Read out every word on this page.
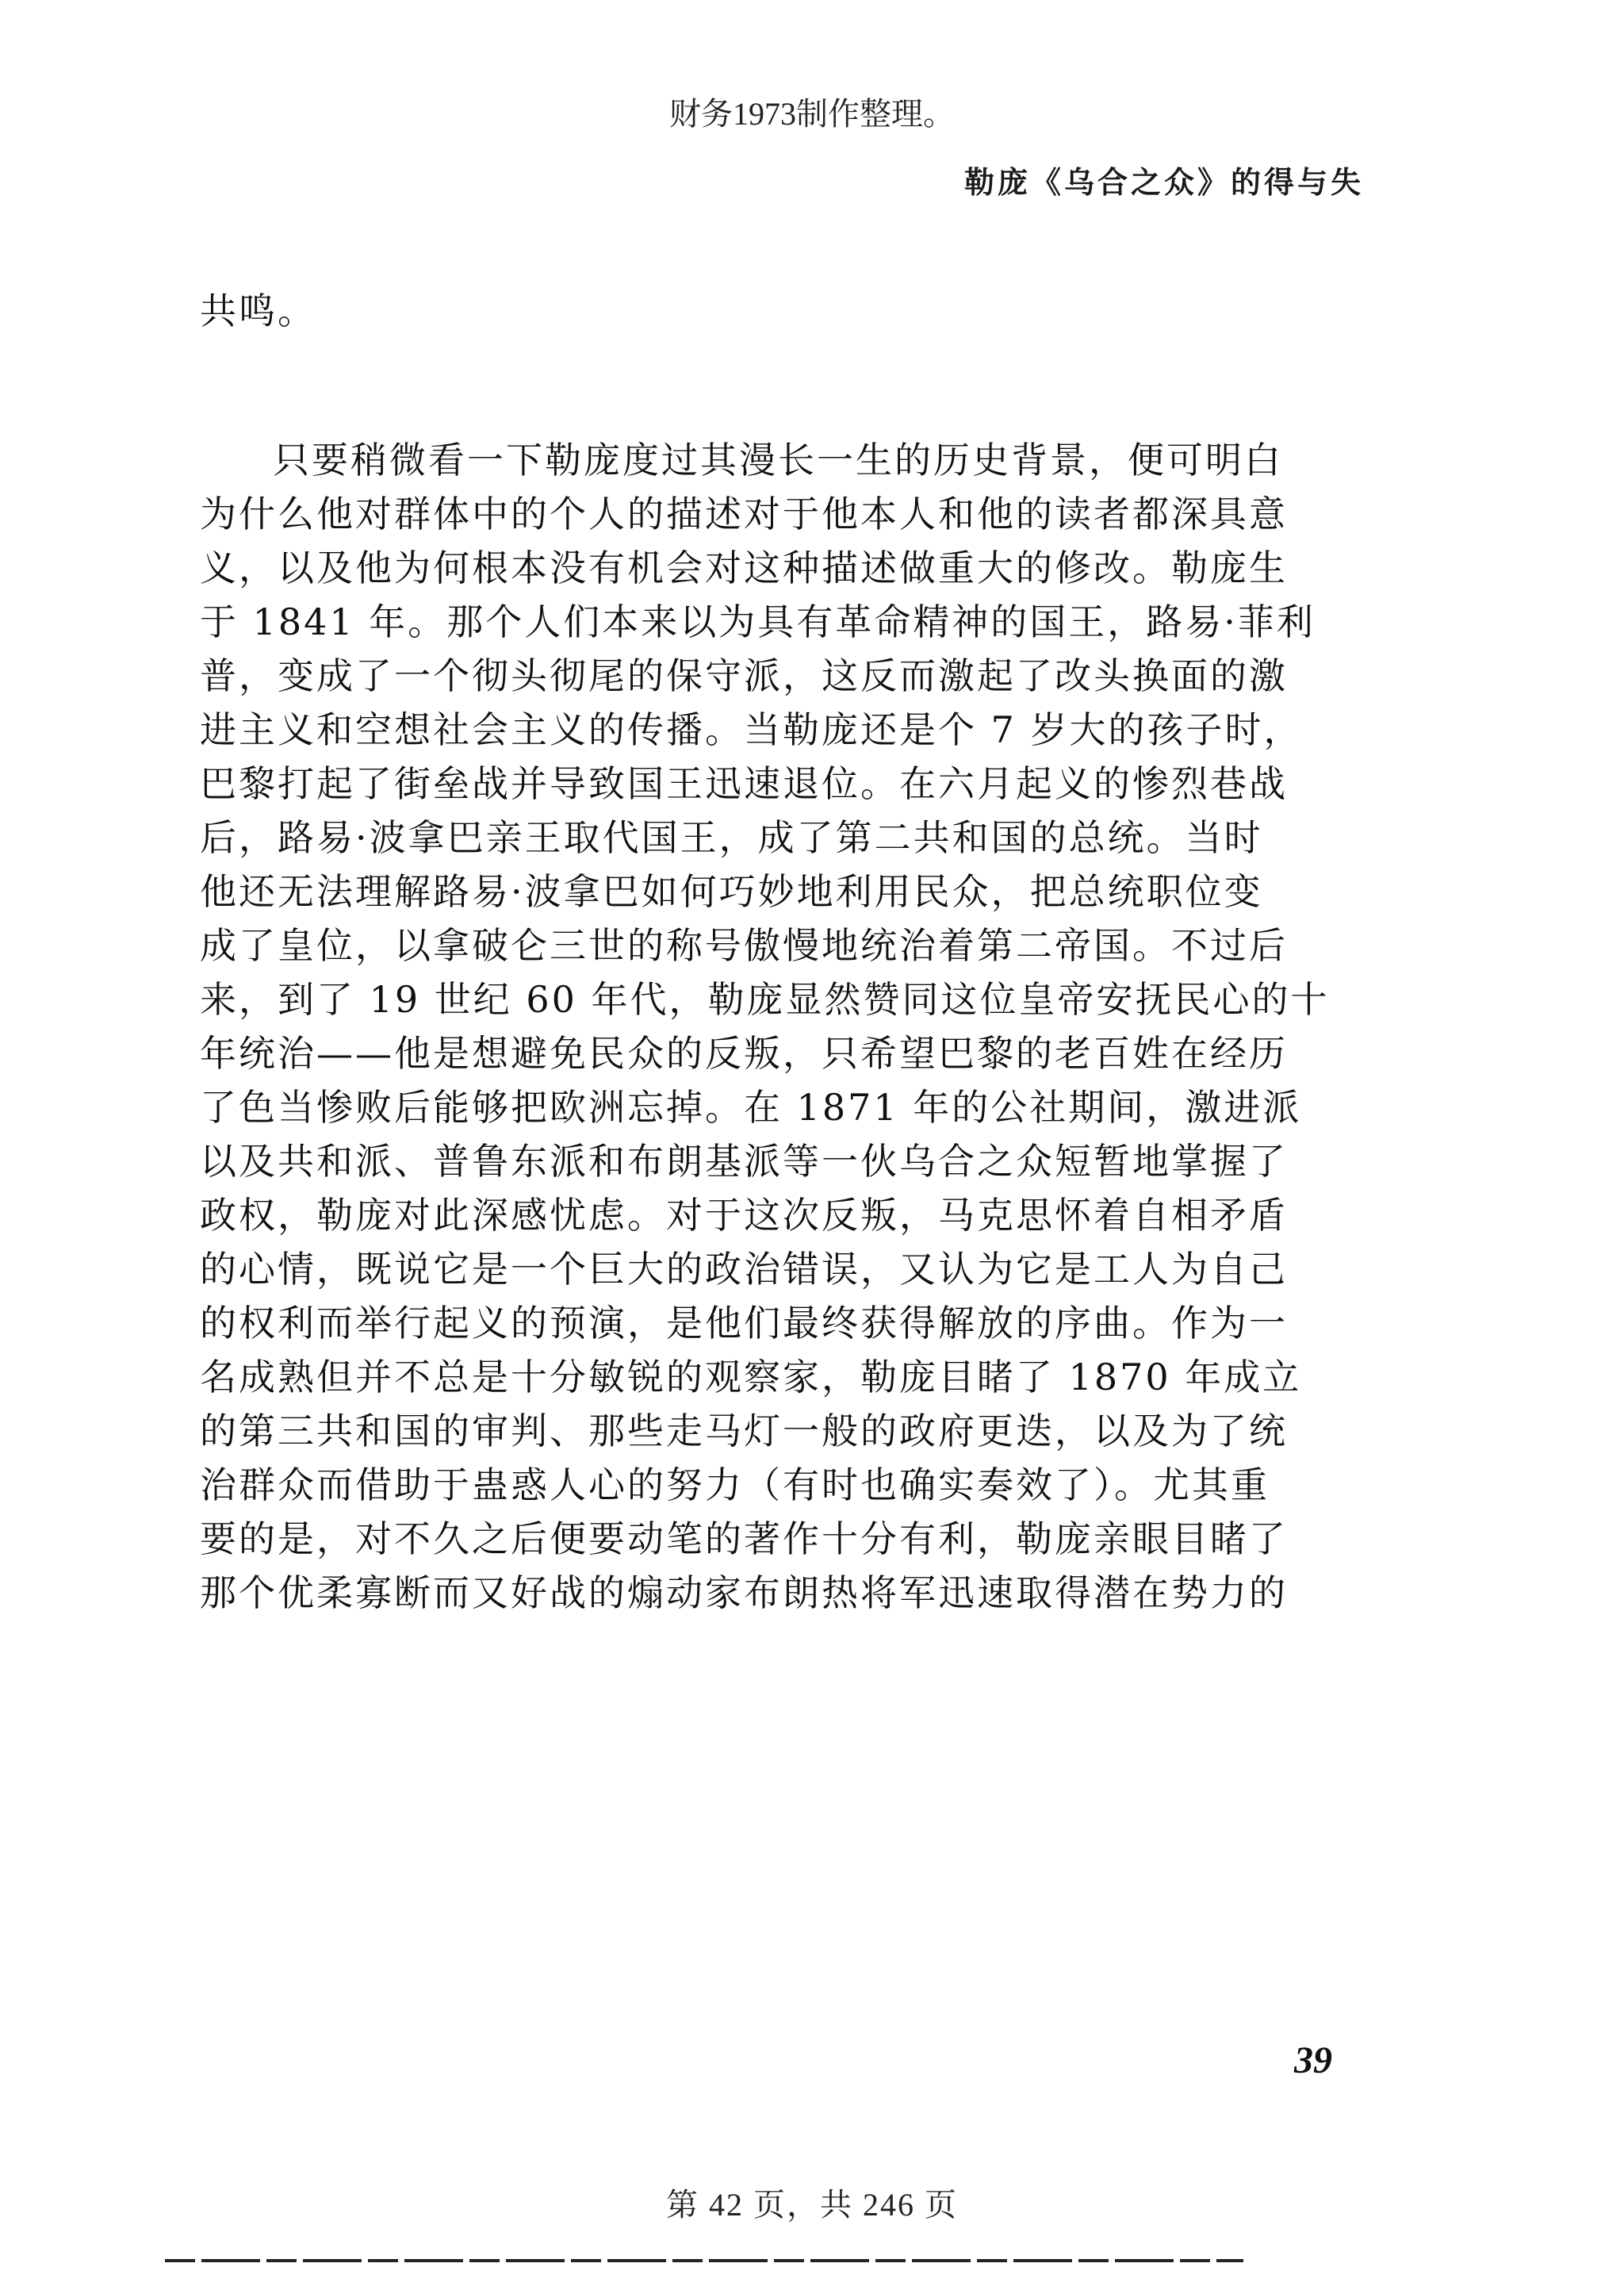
财务1973制作整理。
勒庞《乌合之众》的得与失
共鸣。
只要稍微看一下勒庞度过其漫长一生的历史背景，便可明白
为什么他对群体中的个人的描述对于他本人和他的读者都深具意
义，以及他为何根本没有机会对这种描述做重大的修改。勒庞生
于 1841 年。那个人们本来以为具有革命精神的国王，路易·菲利
普，变成了一个彻头彻尾的保守派，这反而激起了改头换面的激
进主义和空想社会主义的传播。当勒庞还是个 7 岁大的孩子时，
巴黎打起了街垒战并导致国王迅速退位。在六月起义的惨烈巷战
后，路易·波拿巴亲王取代国王，成了第二共和国的总统。当时
他还无法理解路易·波拿巴如何巧妙地利用民众，把总统职位变
成了皇位，以拿破仑三世的称号傲慢地统治着第二帝国。不过后
来，到了 19 世纪 60 年代，勒庞显然赞同这位皇帝安抚民心的十
年统治——他是想避免民众的反叛，只希望巴黎的老百姓在经历
了色当惨败后能够把欧洲忘掉。在 1871 年的公社期间，激进派
以及共和派、普鲁东派和布朗基派等一伙乌合之众短暂地掌握了
政权，勒庞对此深感忧虑。对于这次反叛，马克思怀着自相矛盾
的心情，既说它是一个巨大的政治错误，又认为它是工人为自己
的权利而举行起义的预演，是他们最终获得解放的序曲。作为一
名成熟但并不总是十分敏锐的观察家，勒庞目睹了 1870 年成立
的第三共和国的审判、那些走马灯一般的政府更迭，以及为了统
治群众而借助于蛊惑人心的努力（有时也确实奏效了）。尤其重
要的是，对不久之后便要动笔的著作十分有利，勒庞亲眼目睹了
那个优柔寡断而又好战的煽动家布朗热将军迅速取得潜在势力的
39
第 42 页，共 246 页
